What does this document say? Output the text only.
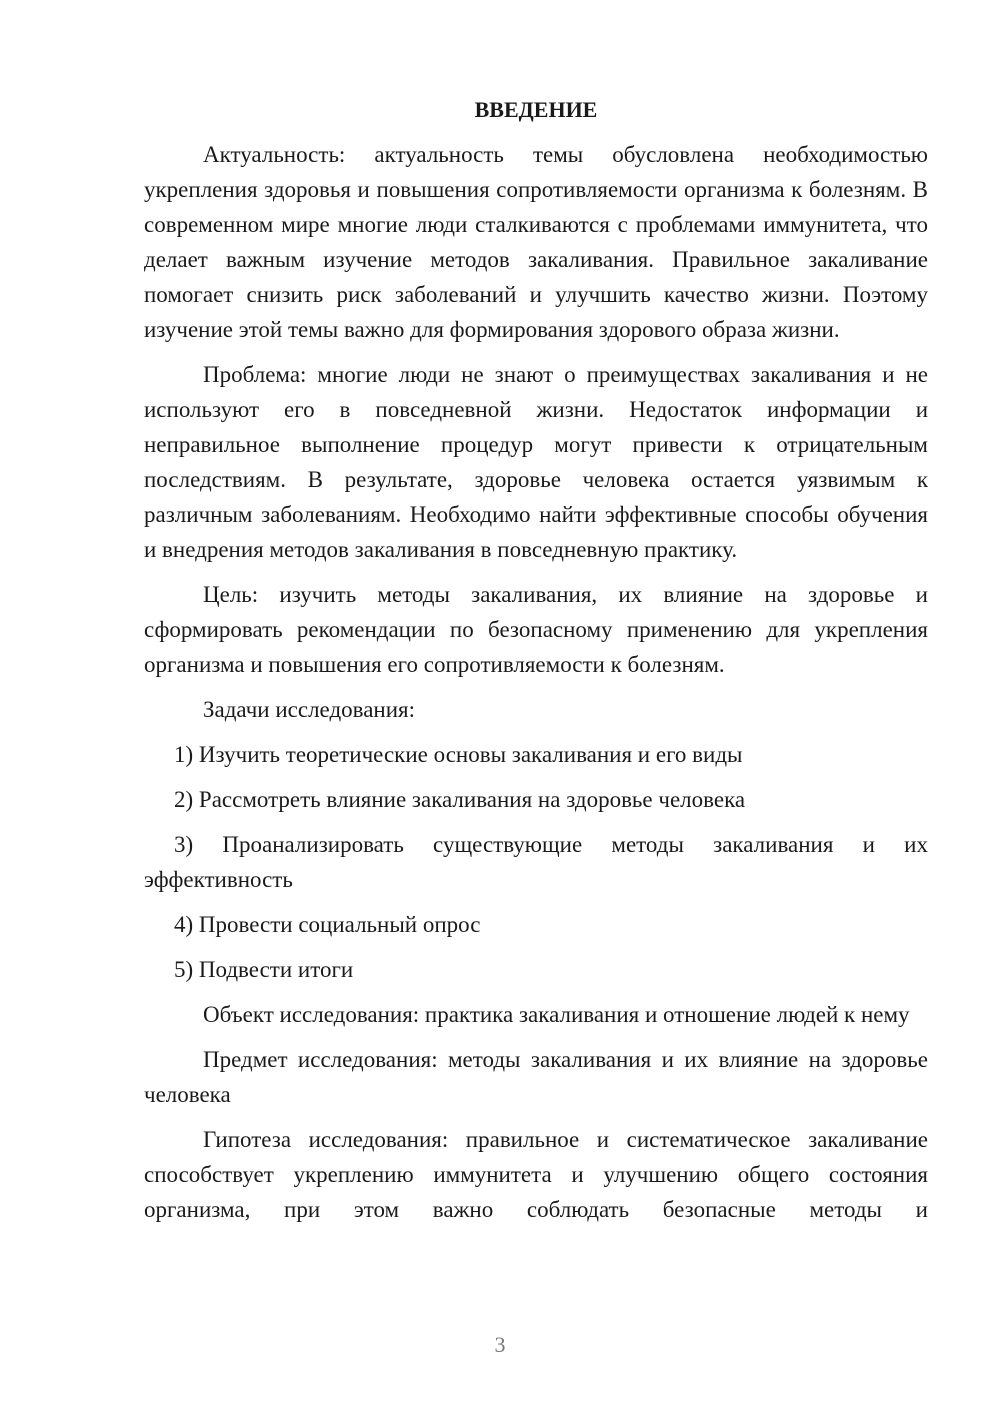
ВВЕДЕНИЕ
Актуальность: актуальность темы обусловлена необходимостью укрепления здоровья и повышения сопротивляемости организма к болезням. В современном мире многие люди сталкиваются с проблемами иммунитета, что делает важным изучение методов закаливания. Правильное закаливание помогает снизить риск заболеваний и улучшить качество жизни. Поэтому изучение этой темы важно для формирования здорового образа жизни.
Проблема: многие люди не знают о преимуществах закаливания и не используют его в повседневной жизни. Недостаток информации и неправильное выполнение процедур могут привести к отрицательным последствиям. В результате, здоровье человека остается уязвимым к различным заболеваниям. Необходимо найти эффективные способы обучения и внедрения методов закаливания в повседневную практику.
Цель: изучить методы закаливания, их влияние на здоровье и сформировать рекомендации по безопасному применению для укрепления организма и повышения его сопротивляемости к болезням.
Задачи исследования:
1) Изучить теоретические основы закаливания и его виды
2) Рассмотреть влияние закаливания на здоровье человека
3) Проанализировать существующие методы закаливания и их эффективность
4) Провести социальный опрос
5) Подвести итоги
Объект исследования: практика закаливания и отношение людей к нему
Предмет исследования: методы закаливания и их влияние на здоровье человека
Гипотеза исследования: правильное и систематическое закаливание способствует укреплению иммунитета и улучшению общего состояния организма, при этом важно соблюдать безопасные методы и
3
